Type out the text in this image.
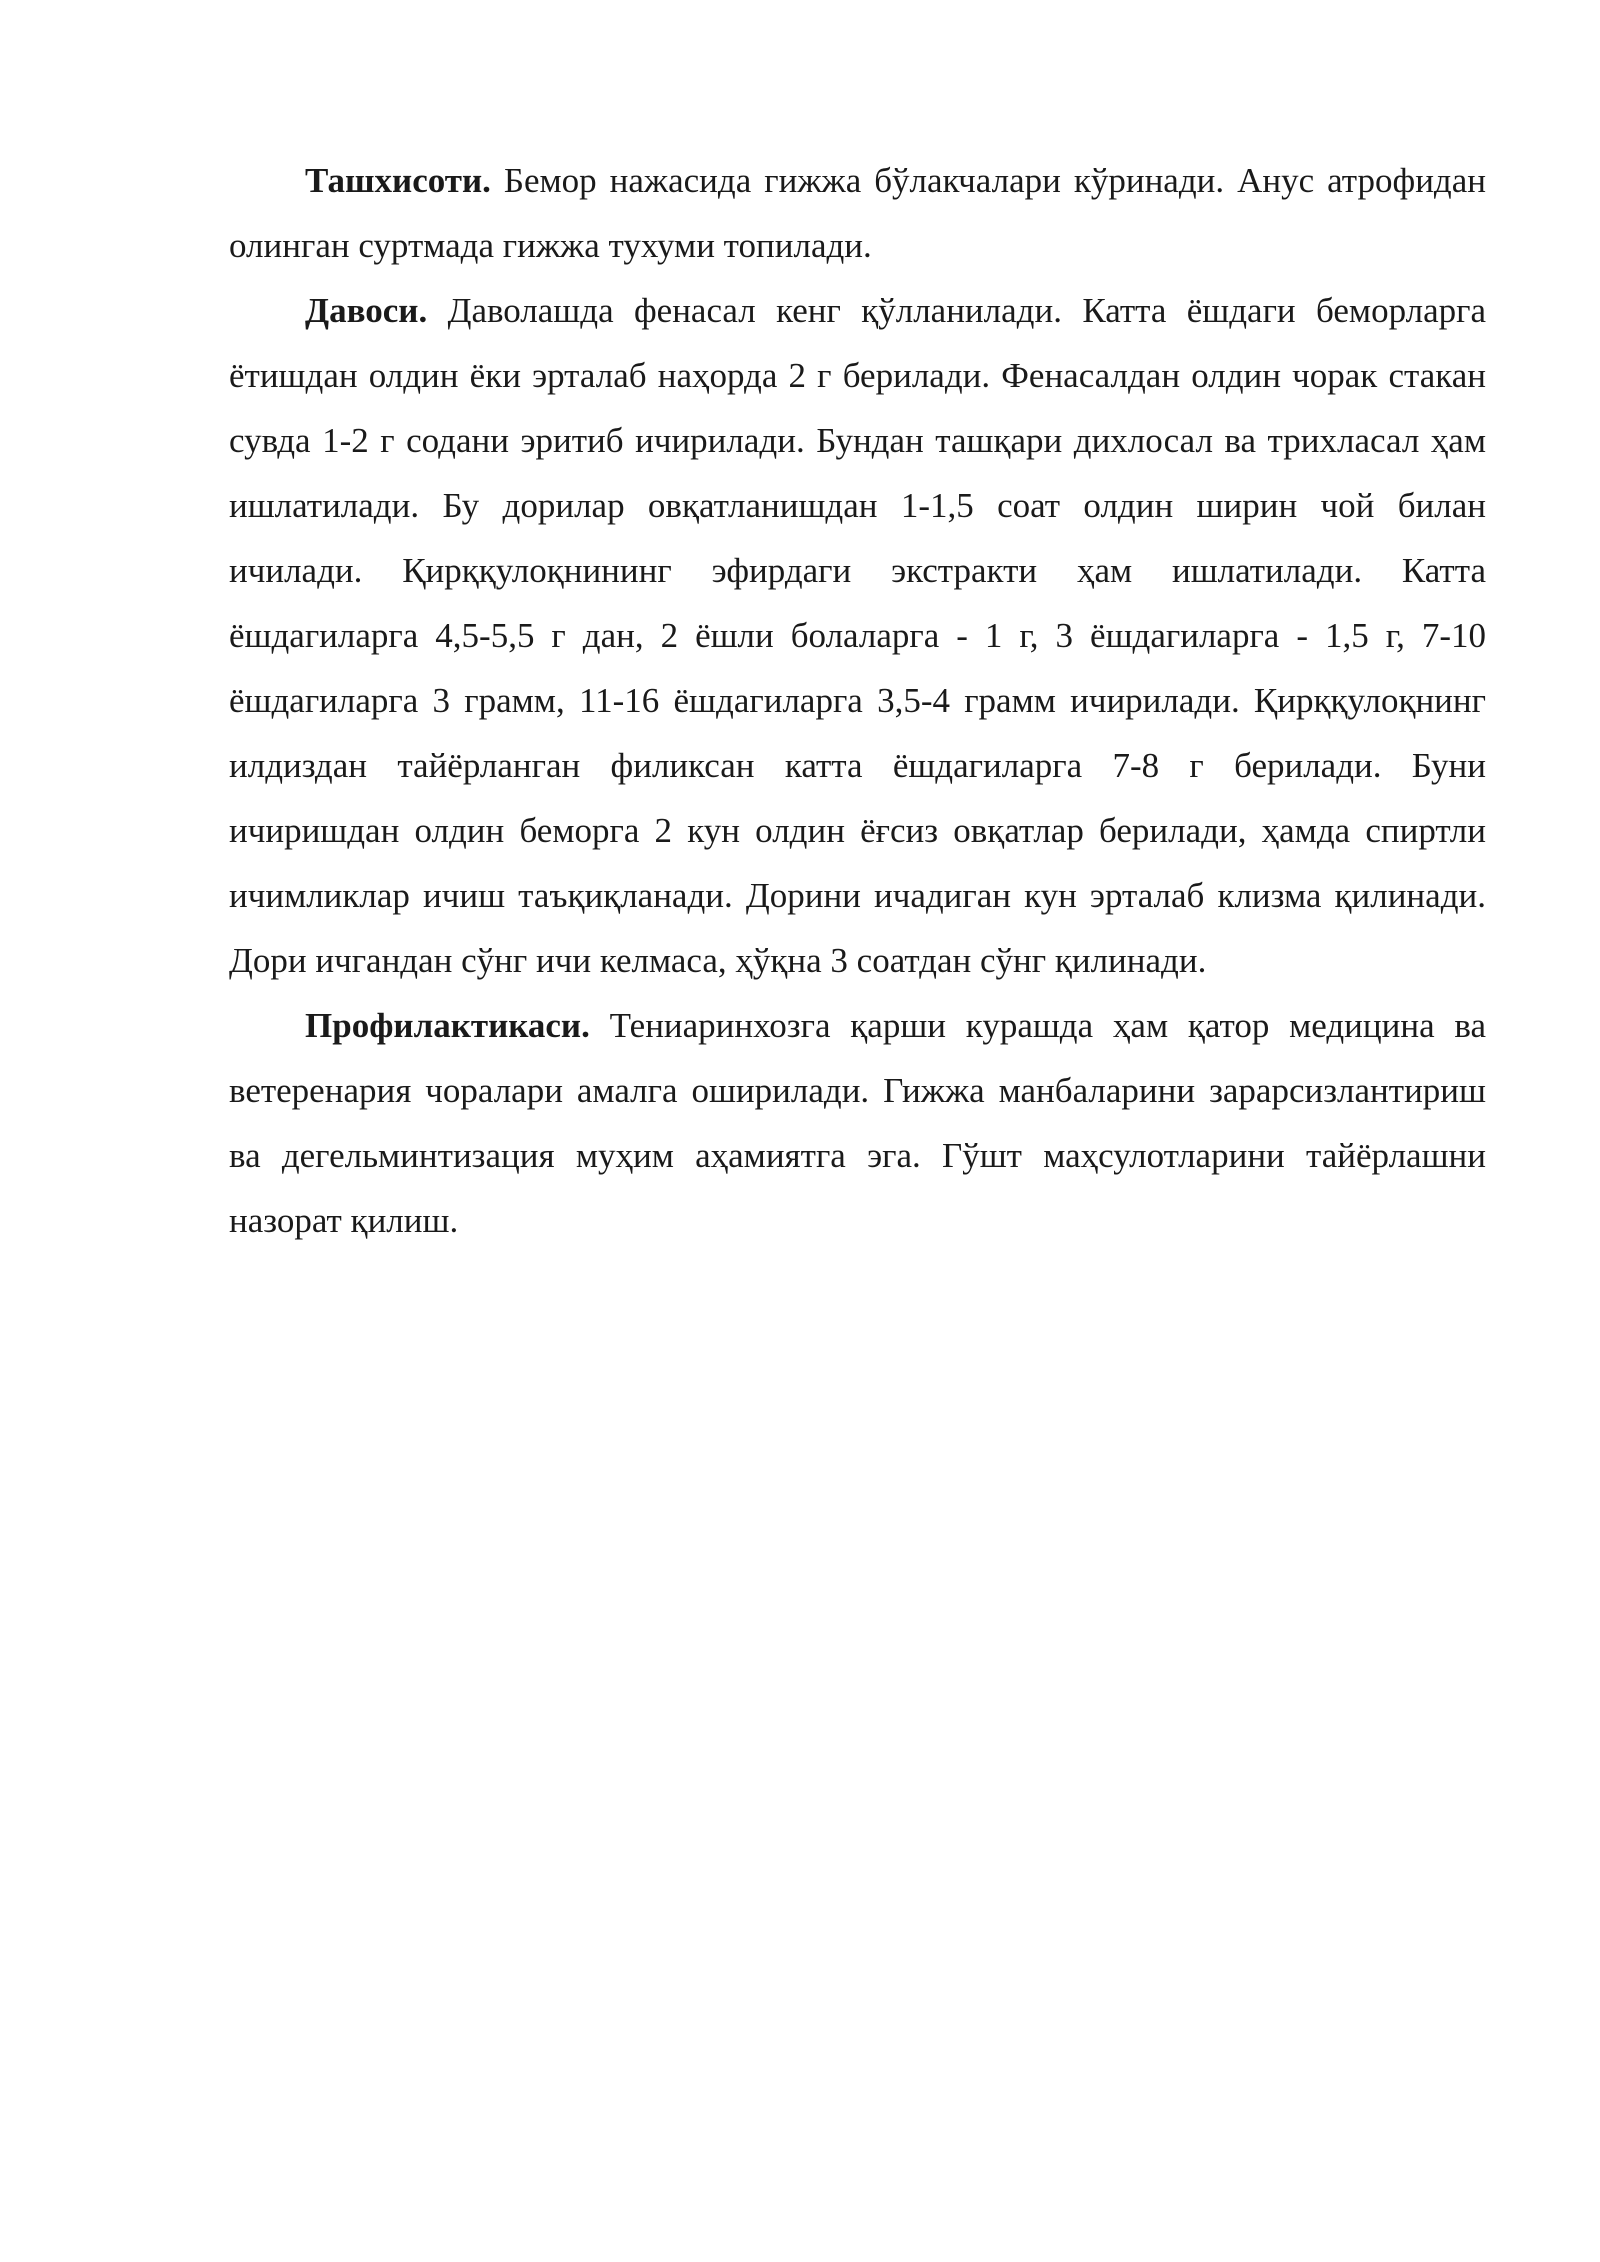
Ташхисоти. Бемор нажасида гижжа бўлакчалари кўринади. Анус атрофидан олинган суртмада гижжа тухуми топилади.

Давоси. Даволашда фенасал кенг қўлланилади. Катта ёшдаги беморларга ётишдан олдин ёки эрталаб наҳорда 2 г берилади. Фенасалдан олдин чорак стакан сувда 1-2 г содани эритиб ичирилади. Бундан ташқари дихлосал ва трихласал ҳам ишлатилади. Бу дорилар овқатланишдан 1-1,5 соат олдин ширин чой билан ичилади. Қирққулоқнининг эфирдаги экстракти ҳам ишлатилади. Катта ёшдагиларга 4,5-5,5 г дан, 2 ёшли болаларга - 1 г, 3 ёшдагиларга - 1,5 г, 7-10 ёшдагиларга 3 грамм, 11-16 ёшдагиларга 3,5-4 грамм ичирилади. Қирққулоқнинг илдиздан тайёрланган филиксан катта ёшдагиларга 7-8 г берилади. Буни ичиришдан олдин беморга 2 кун олдин ёғсиз овқатлар берилади, ҳамда спиртли ичимликлар ичиш таъқиқланади. Дорини ичадиган кун эрталаб клизма қилинади. Дори ичгандан сўнг ичи келмаса, ҳўқна 3 соатдан сўнг қилинади.

Профилактикаси. Тениаринхозга қарши курашда ҳам қатор медицина ва ветеренария чоралари амалга оширилади. Гижжа манбаларини зарарсизлантириш ва дегельминтизация муҳим аҳамиятга эга. Гўшт маҳсулотларини тайёрлашни назорат қилиш.
